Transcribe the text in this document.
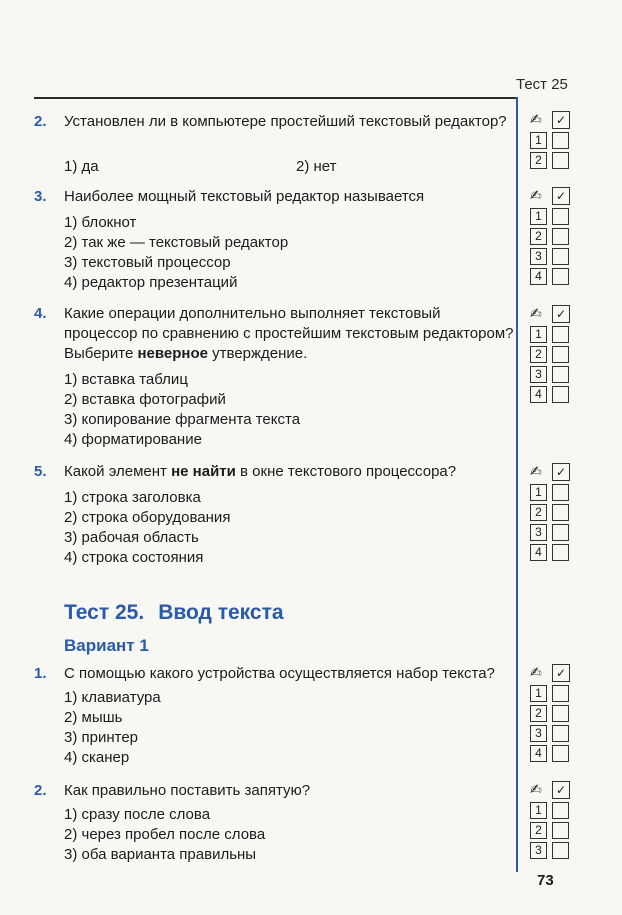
Тест 25
2.	Установлен ли в компьютере простейший текстовый редактор?
1) да	2) нет
✍	✓
1
2
3.	Наиболее мощный текстовый редактор называется
1) блокнот
2) так же — текстовый редактор
3) текстовый процессор
4) редактор презентаций
✍	✓
1
2
3
4
4.	Какие операции дополнительно выполняет текстовый процессор по сравнению с простейшим текстовым редактором? Выберите неверное утверждение.
1) вставка таблиц
2) вставка фотографий
3) копирование фрагмента текста
4) форматирование
✍	✓
1
2
3
4
5.	Какой элемент не найти в окне текстового процессора?
1) строка заголовка
2) строка оборудования
3) рабочая область
4) строка состояния
✍	✓
1
2
3
4
Тест 25. Ввод текста
Вариант 1
1.	С помощью какого устройства осуществляется набор текста?
1) клавиатура
2) мышь
3) принтер
4) сканер
✍	✓
1
2
3
4
2.	Как правильно поставить запятую?
1) сразу после слова
2) через пробел после слова
3) оба варианта правильны
✍	✓
1
2
3
73
